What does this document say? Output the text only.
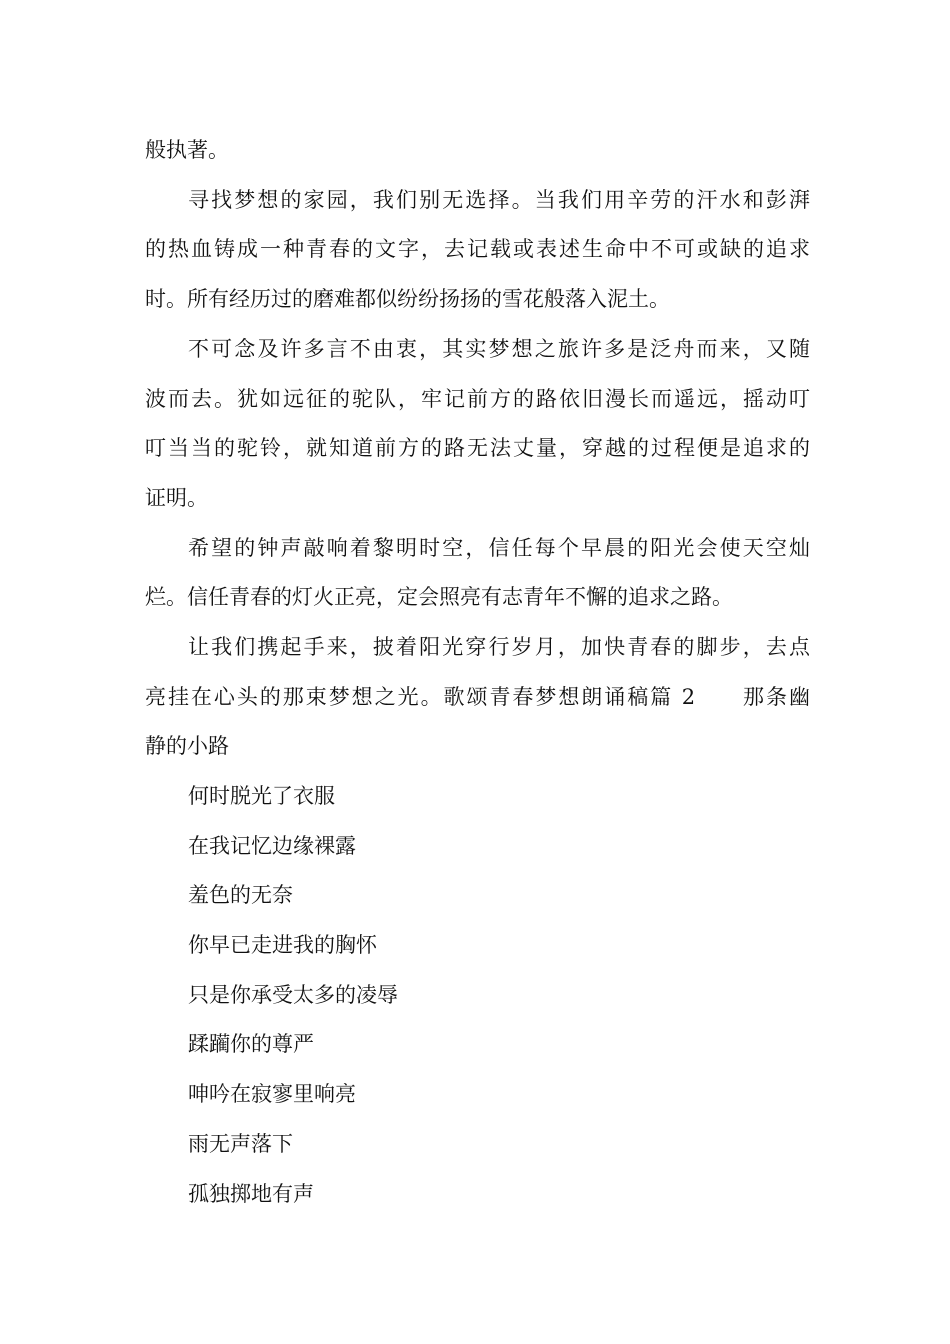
般执著。
寻找梦想的家园，我们别无选择。当我们用辛劳的汗水和彭湃
的热血铸成一种青春的文字，去记载或表述生命中不可或缺的追求
时。所有经历过的磨难都似纷纷扬扬的雪花般落入泥土。
不可念及许多言不由衷，其实梦想之旅许多是泛舟而来，又随
波而去。犹如远征的驼队，牢记前方的路依旧漫长而遥远，摇动叮
叮当当的驼铃，就知道前方的路无法丈量，穿越的过程便是追求的
证明。
希望的钟声敲响着黎明时空，信任每个早晨的阳光会使天空灿
烂。信任青春的灯火正亮，定会照亮有志青年不懈的追求之路。
让我们携起手来，披着阳光穿行岁月，加快青春的脚步，去点
亮挂在心头的那束梦想之光。歌颂青春梦想朗诵稿篇 2　　那条幽
静的小路
何时脱光了衣服
在我记忆边缘裸露
羞色的无奈
你早已走进我的胸怀
只是你承受太多的凌辱
蹂躏你的尊严
呻吟在寂寥里响亮
雨无声落下
孤独掷地有声
